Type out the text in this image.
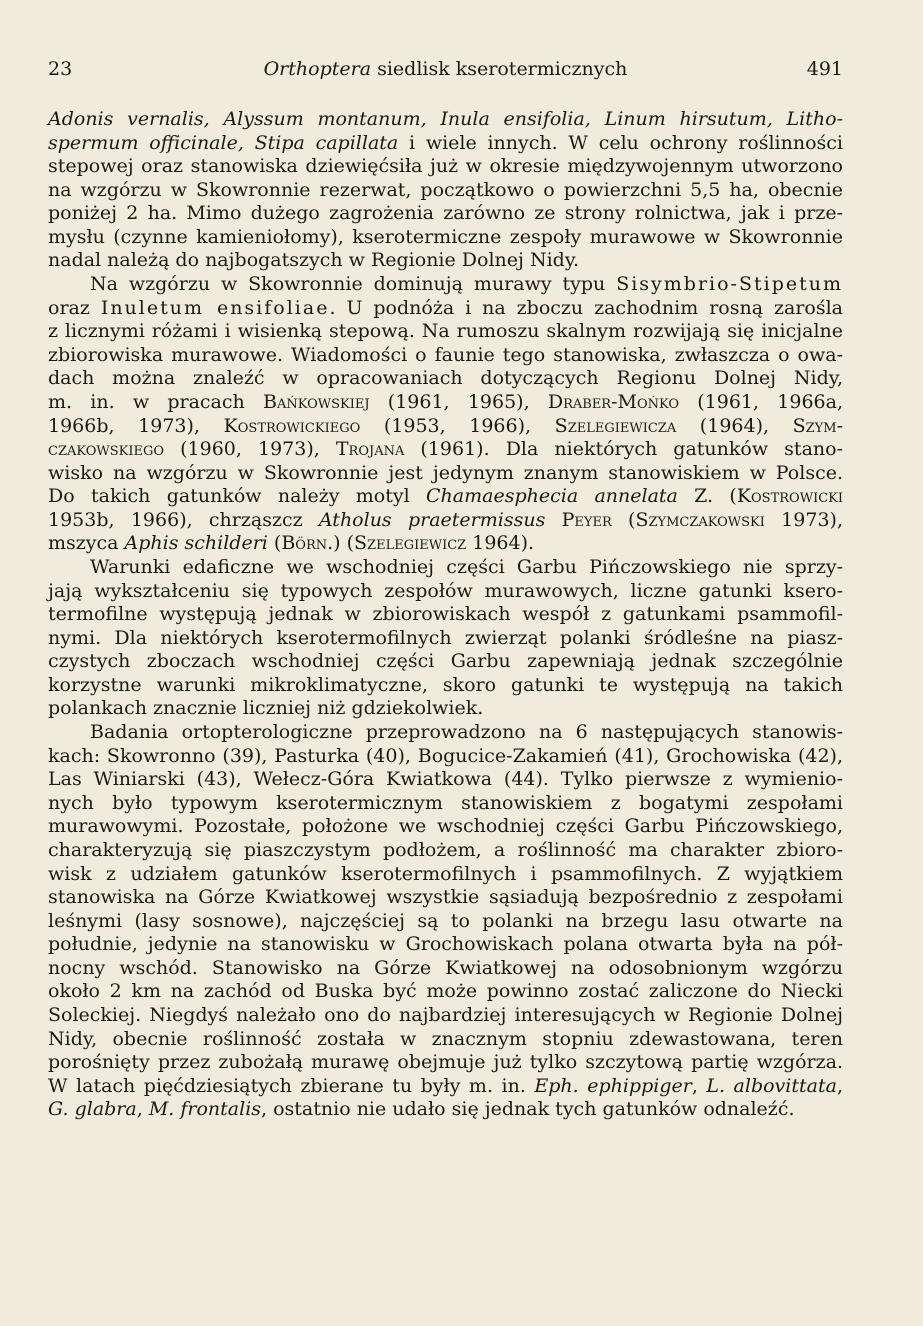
23	Orthoptera siedlisk kserotermicznych	491
Adonis vernalis, Alyssum montanum, Inula ensifolia, Linum hirsutum, Litho-
spermum officinale, Stipa capillata i wiele innych. W celu ochrony roślinności
stepowej oraz stanowiska dziewięćsiła już w okresie międzywojennym utworzono
na wzgórzu w Skowronnie rezerwat, początkowo o powierzchni 5,5 ha, obecnie
poniżej 2 ha. Mimo dużego zagrożenia zarówno ze strony rolnictwa, jak i prze-
mysłu (czynne kamieniołomy), kserotermiczne zespoły murawowe w Skowronnie
nadal należą do najbogatszych w Regionie Dolnej Nidy.
Na wzgórzu w Skowronnie dominują murawy typu Sisymbrio-Stipetum
oraz Inuletum ensifoliae. U podnóża i na zboczu zachodnim rosną zarośla
z licznymi różami i wisienką stepową. Na rumoszu skalnym rozwijają się inicjalne
zbiorowiska murawowe. Wiadomości o faunie tego stanowiska, zwłaszcza o owa-
dach można znaleźć w opracowaniach dotyczących Regionu Dolnej Nidy,
m. in. w pracach Bańkowskiej (1961, 1965), Draber-Mońko (1961, 1966a,
1966b, 1973), Kostrowickiego (1953, 1966), Szelegiewicza (1964), Szym-
czakowskiego (1960, 1973), Trojana (1961). Dla niektórych gatunków stano-
wisko na wzgórzu w Skowronnie jest jedynym znanym stanowiskiem w Polsce.
Do takich gatunków należy motyl Chamaesphecia annelata Z. (Kostrowicki
1953b, 1966), chrząszcz Atholus praetermissus Peyer (Szymczakowski 1973),
mszyca Aphis schilderi (Börn.) (Szelegiewicz 1964).
Warunki edaficzne we wschodniej części Garbu Pińczowskiego nie sprzy-
jają wykształceniu się typowych zespołów murawowych, liczne gatunki ksero-
termofilne występują jednak w zbiorowiskach wespół z gatunkami psammofil-
nymi. Dla niektórych kserotermofilnych zwierząt polanki śródleśne na piasz-
czystych zboczach wschodniej części Garbu zapewniają jednak szczególnie
korzystne warunki mikroklimatyczne, skoro gatunki te występują na takich
polankach znacznie liczniej niż gdziekolwiek.
Badania ortopterologiczne przeprowadzono na 6 następujących stanowis-
kach: Skowronno (39), Pasturka (40), Bogucice-Zakamień (41), Grochowiska (42),
Las Winiarski (43), Wełecz-Góra Kwiatkowa (44). Tylko pierwsze z wymienio-
nych było typowym kserotermicznym stanowiskiem z bogatymi zespołami
murawowymi. Pozostałe, położone we wschodniej części Garbu Pińczowskiego,
charakteryzują się piaszczystym podłożem, a roślinność ma charakter zbioro-
wisk z udziałem gatunków kserotermofilnych i psammofilnych. Z wyjątkiem
stanowiska na Górze Kwiatkowej wszystkie sąsiadują bezpośrednio z zespołami
leśnymi (lasy sosnowe), najczęściej są to polanki na brzegu lasu otwarte na
południe, jedynie na stanowisku w Grochowiskach polana otwarta była na pół-
nocny wschód. Stanowisko na Górze Kwiatkowej na odosobnionym wzgórzu
około 2 km na zachód od Buska być może powinno zostać zaliczone do Niecki
Soleckiej. Niegdyś należało ono do najbardziej interesujących w Regionie Dolnej
Nidy, obecnie roślinność została w znacznym stopniu zdewastowana, teren
porośnięty przez zubożałą murawę obejmuje już tylko szczytową partię wzgórza.
W latach pięćdziesiątych zbierane tu były m. in. Eph. ephippiger, L. albovittata,
G. glabra, M. frontalis, ostatnio nie udało się jednak tych gatunków odnaleźć.
